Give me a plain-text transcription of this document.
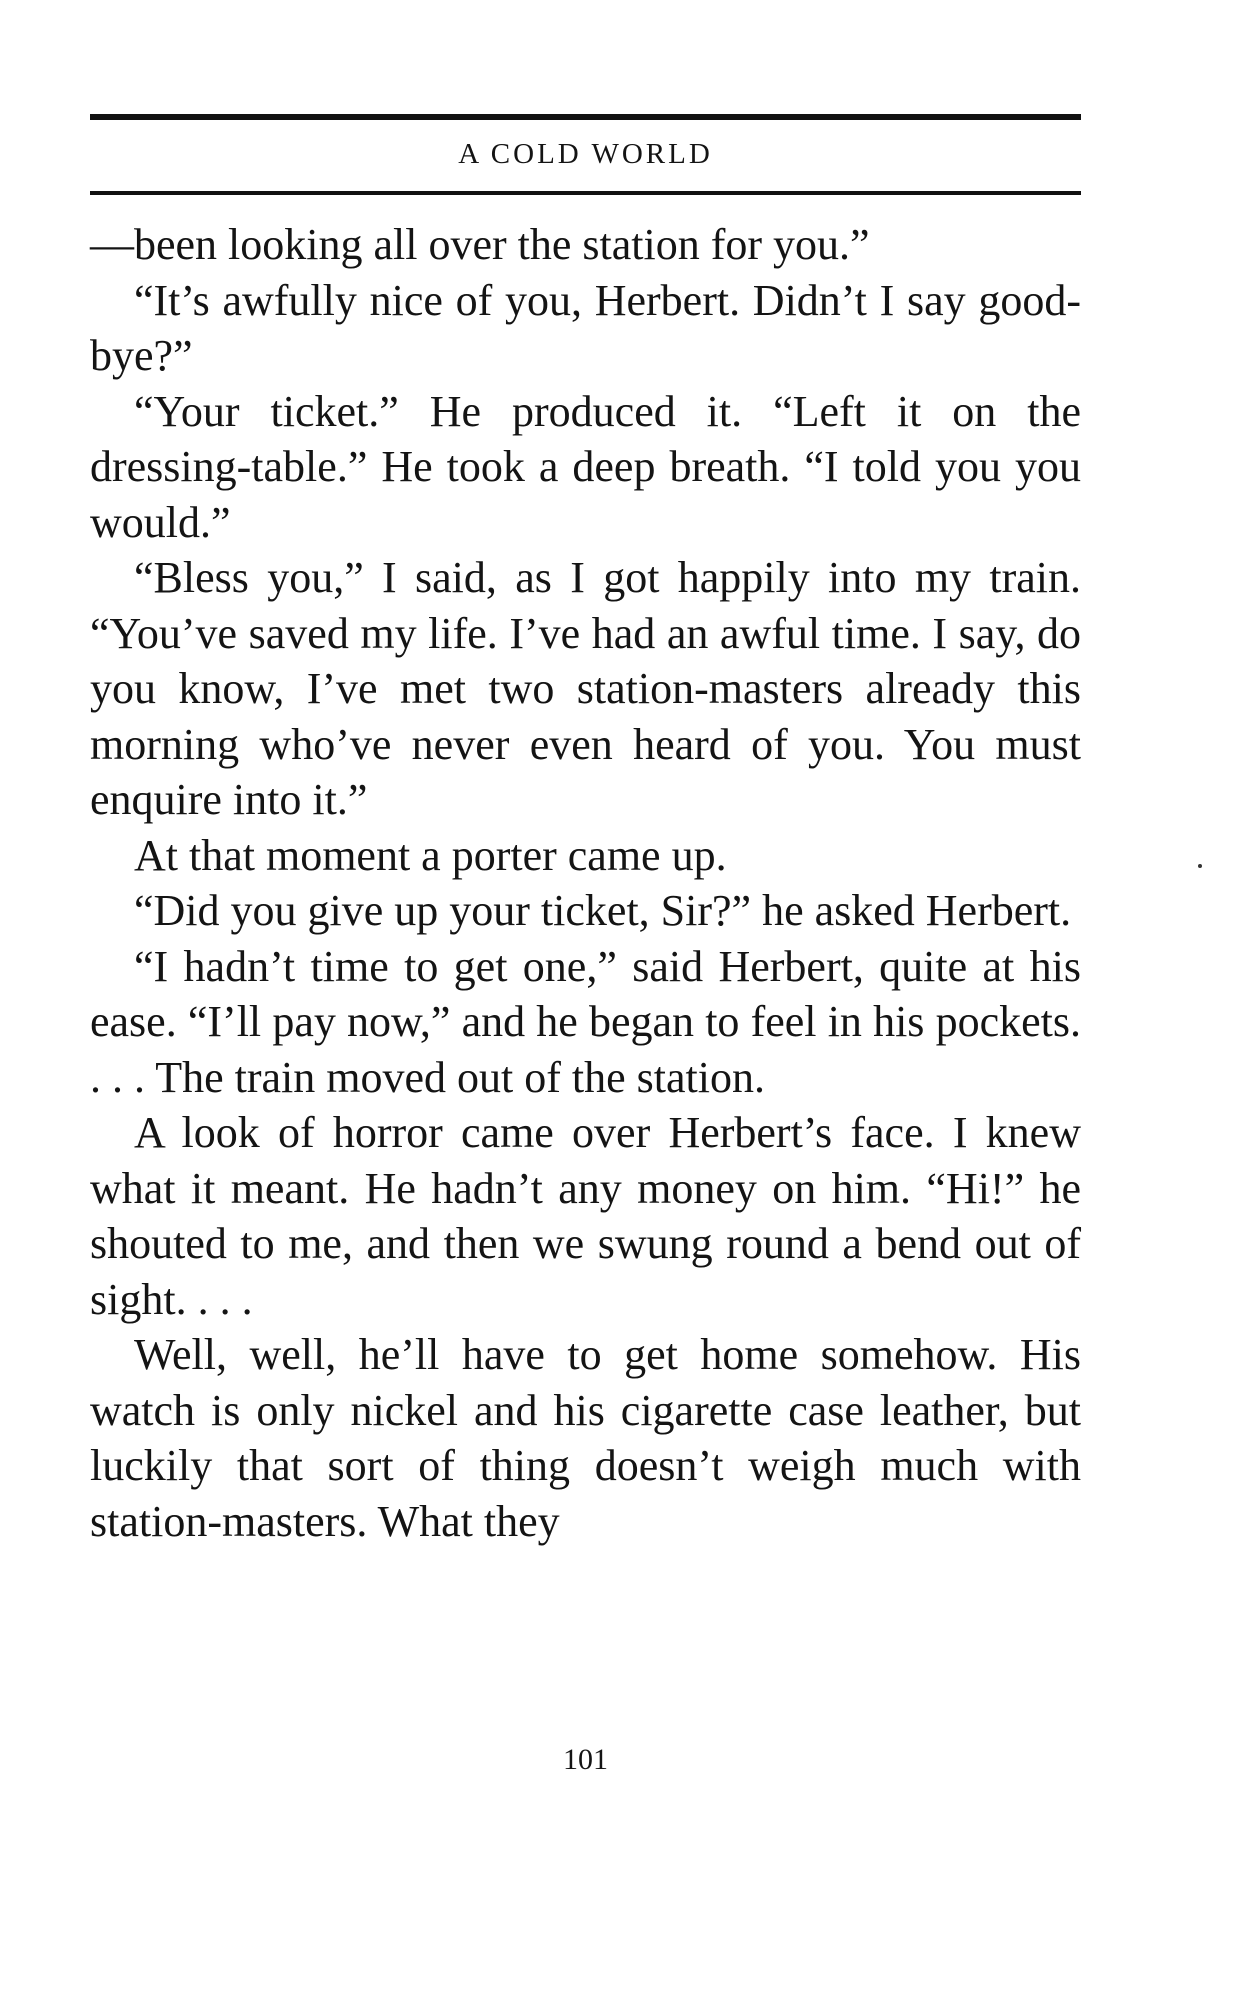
A COLD WORLD

—been looking all over the station for you.”

“It’s awfully nice of you, Herbert. Didn’t I say good-bye?”

“Your ticket.” He produced it. “Left it on the dressing-table.” He took a deep breath. “I told you you would.”

“Bless you,” I said, as I got happily into my train. “You’ve saved my life. I’ve had an awful time. I say, do you know, I’ve met two station-masters already this morning who’ve never even heard of you. You must enquire into it.”

At that moment a porter came up.

“Did you give up your ticket, Sir?” he asked Herbert.

“I hadn’t time to get one,” said Herbert, quite at his ease. “I’ll pay now,” and he began to feel in his pockets. . . . The train moved out of the station.

A look of horror came over Herbert’s face. I knew what it meant. He hadn’t any money on him. “Hi!” he shouted to me, and then we swung round a bend out of sight. . . .

Well, well, he’ll have to get home somehow. His watch is only nickel and his cigarette case leather, but luckily that sort of thing doesn’t weigh much with station-masters. What they

101
